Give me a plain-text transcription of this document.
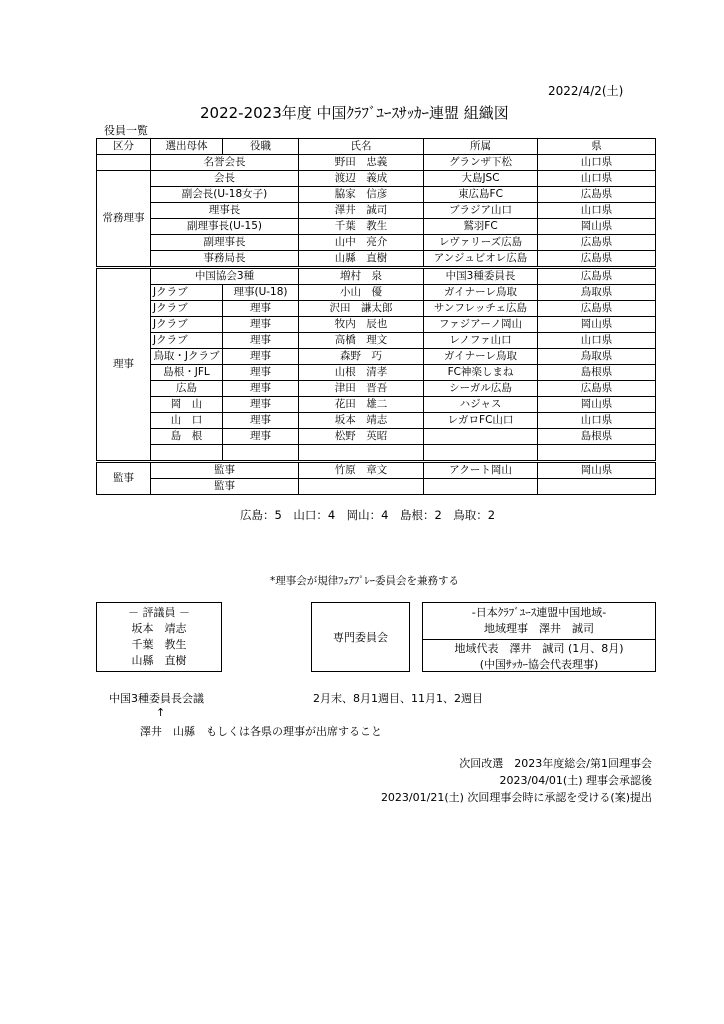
2022/4/2(土)
2022-2023年度 中国ｸﾗﾌﾞﾕｰｽｻｯｶｰ連盟 組織図
役員一覧
区分	選出母体	役職	氏名	所属	県
	名誉会長		野田　忠義	グランザ下松	山口県
常務理事	会長		渡辺　義成	大島JSC	山口県
	副会長(U-18女子)		脇家　信彦	東広島FC	広島県
	理事長		澤井　誠司	ブラジア山口	山口県
	副理事長(U-15)		千葉　教生	鷲羽FC	岡山県
	副理事長		山中　亮介	レヴァリーズ広島	広島県
	事務局長		山縣　直樹	アンジュビオレ広島	広島県
理事	中国協会3種		増村　泉	中国3種委員長	広島県
	Jクラブ	理事(U-18)	小山　優	ガイナーレ鳥取	鳥取県
	Jクラブ	理事	沢田　謙太郎	サンフレッチェ広島	広島県
	Jクラブ	理事	牧内　辰也	ファジアーノ岡山	岡山県
	Jクラブ	理事	高橋　理文	レノファ山口	山口県
	鳥取・Jクラブ	理事	森野　巧	ガイナーレ鳥取	鳥取県
	島根・JFL	理事	山根　清孝	FC神楽しまね	島根県
	広島	理事	津田　晋吾	シーガル広島	広島県
	岡　山	理事	花田　雄二	ハジャス	岡山県
	山　口	理事	坂本　靖志	レガロFC山口	山口県
	島　根	理事	松野　英昭		島根県

監事	監事		竹原　章文	アクート岡山	岡山県
	監事				
広島：5　山口：4　岡山：4　島根：2　鳥取：2
*理事会が規律ﾌｪｱﾌﾟﾚｰ委員会を兼務する
－ 評議員 －
坂本　靖志
千葉　教生
山縣　直樹
専門委員会
-日本ｸﾗﾌﾞﾕｰｽ連盟中国地域-
地域理事　澤井　誠司
地域代表　澤井　誠司 (1月、8月)
(中国ｻｯｶｰ協会代表理事)
中国3種委員長会議	2月末、8月1週目、11月1、2週目
↑
澤井　山縣　もしくは各県の理事が出席すること
次回改選　2023年度総会/第1回理事会
2023/04/01(土) 理事会承認後
2023/01/21(土) 次回理事会時に承認を受ける(案)提出
